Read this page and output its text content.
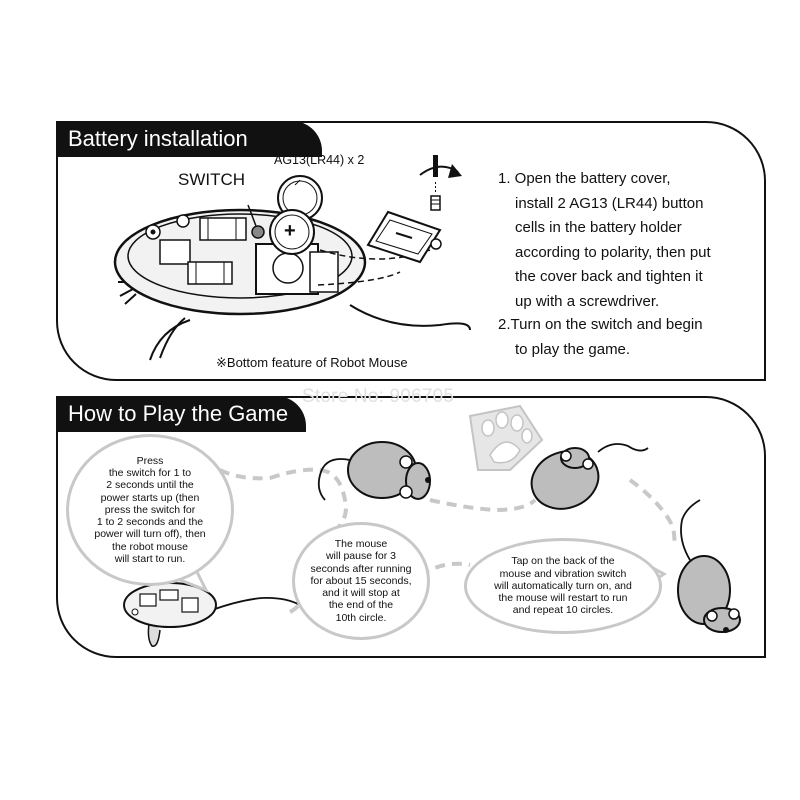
Battery installation
SWITCH
AG13(LR44) x 2
+
※Bottom feature of Robot Mouse
1. Open the battery cover,
install 2 AG13 (LR44) button
cells in the battery holder
according to polarity, then put
the cover back and tighten it
up with a screwdriver.
2.Turn on the switch and begin
to play the game.
How to Play the Game
Press
the switch for 1 to
2 seconds until the
power starts up (then
press the switch for
1 to 2 seconds and the
power will turn off), then
the robot mouse
will start to run.
The mouse
will pause for 3
seconds after running
for about 15 seconds,
and it will stop at
the end of the
10th circle.
Tap on the back of the
mouse and vibration switch
will automatically turn on, and
the mouse will restart to run
and repeat 10 circles.
Store No: 906705
